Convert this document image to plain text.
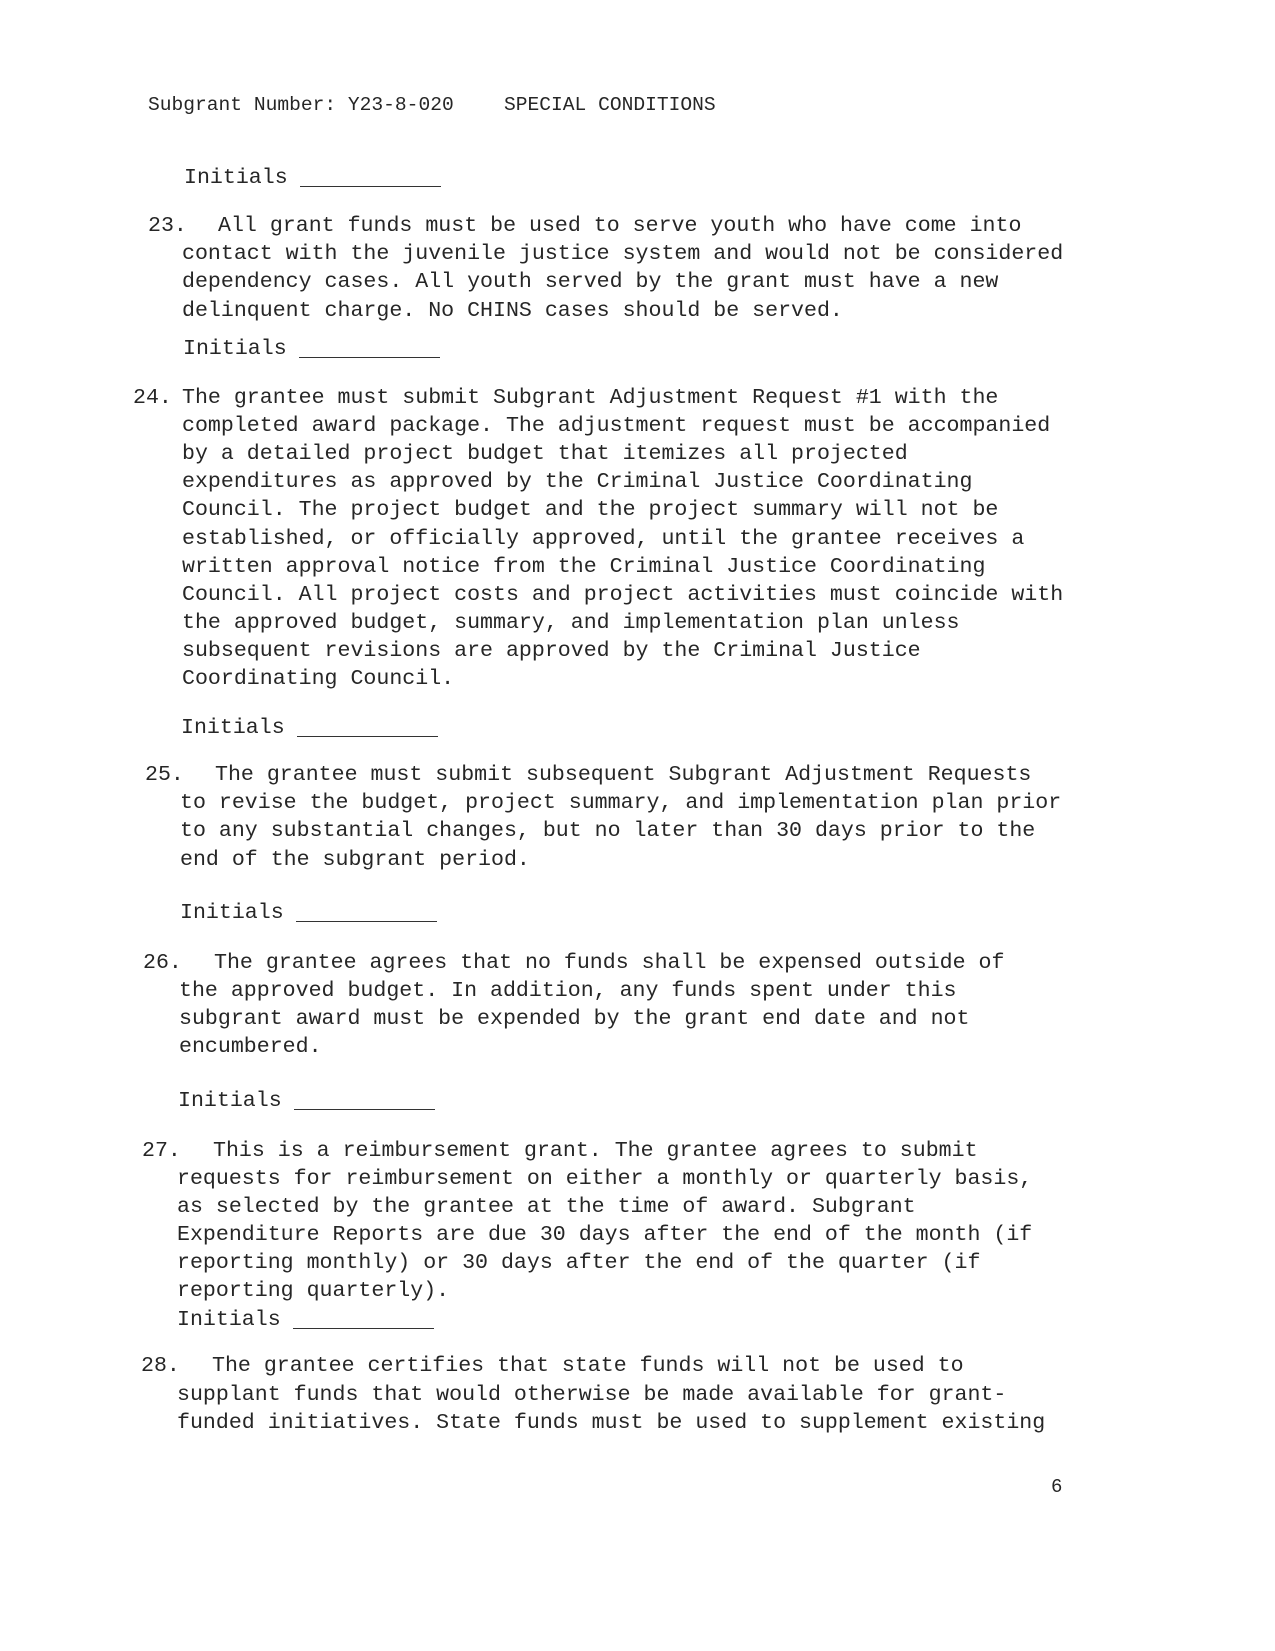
Subgrant Number: Y23-8-020	SPECIAL CONDITIONS
Initials
6
23. All grant funds must be used to serve youth who have come into
contact with the juvenile justice system and would not be considered
dependency cases. All youth served by the grant must have a new
delinquent charge. No CHINS cases should be served.
Initials
24. The grantee must submit Subgrant Adjustment Request #1 with the
completed award package. The adjustment request must be accompanied
by a detailed project budget that itemizes all projected
expenditures as approved by the Criminal Justice Coordinating
Council. The project budget and the project summary will not be
established, or officially approved, until the grantee receives a
written approval notice from the Criminal Justice Coordinating
Council. All project costs and project activities must coincide with
the approved budget, summary, and implementation plan unless
subsequent revisions are approved by the Criminal Justice
Coordinating Council.
Initials
25. The grantee must submit subsequent Subgrant Adjustment Requests
to revise the budget, project summary, and implementation plan prior
to any substantial changes, but no later than 30 days prior to the
end of the subgrant period.
Initials
26. The grantee agrees that no funds shall be expensed outside of
the approved budget. In addition, any funds spent under this
subgrant award must be expended by the grant end date and not
encumbered.
Initials
27. This is a reimbursement grant. The grantee agrees to submit
requests for reimbursement on either a monthly or quarterly basis,
as selected by the grantee at the time of award. Subgrant
Expenditure Reports are due 30 days after the end of the month (if
reporting monthly) or 30 days after the end of the quarter (if
reporting quarterly).
Initials
28. The grantee certifies that state funds will not be used to
supplant funds that would otherwise be made available for grant-
funded initiatives. State funds must be used to supplement existing
